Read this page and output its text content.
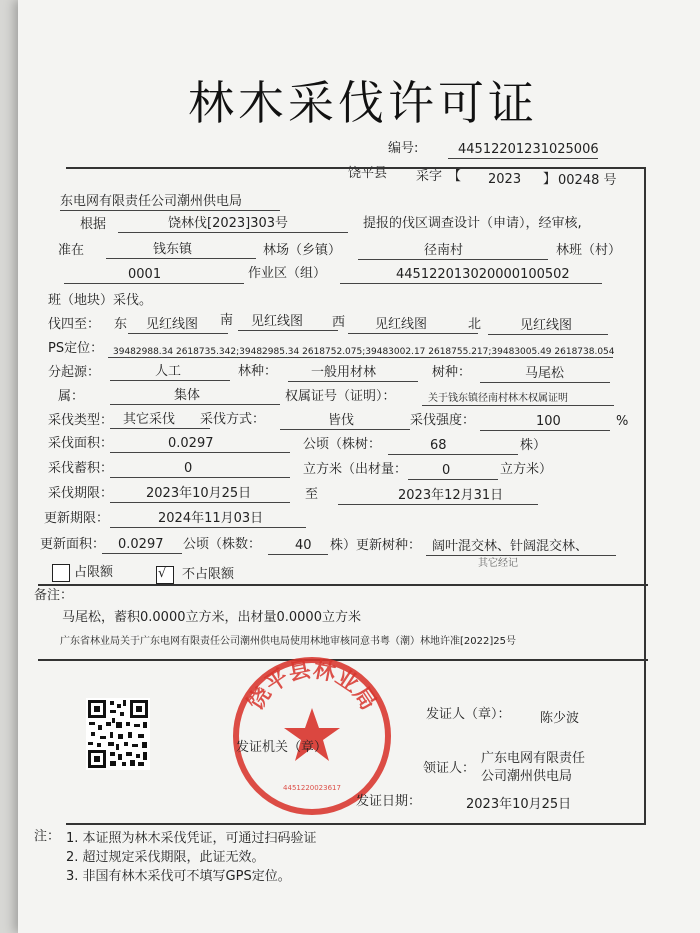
林木采伐许可证
编号:	44512201231025006
饶平县 采字 【 2023 】 00248 号
东电网有限责任公司潮州供电局
根据	饶林伐[2023]303号	提报的伐区调查设计（申请），经审核,
准在	钱东镇	林场（乡镇）	径南村	林班（村）
0001	作业区（组）	44512201302000010050​2
班（地块）采伐。
伐四至： 东 见红线图 南 见红线图 西 见红线图	北	见红线图
PS定位： 39482988.34 2618735.342;39482985.34 2618752.075;39483002.17 2618755.217;39483005.49 2618738.054
分起源：	人工	林种：	一般用材林	树种：	马尾松
属：	集体	权属证号（证明）：	关于钱东镇径南村林木权属证明
采伐类型： 其它采伐 采伐方式：	皆伐	采伐强度：	100	%
采伐面积：	0.0297	公顷（株树：	68	株）
采伐蓄积：	0	立方米（出材量：	0	立方米）
采伐期限：	2023年10月25日	至	2023年12月31日
更新期限：	2024年11月03日
更新面积： 0.0297 公顷（株数：	40 株）更新树种： 阔叶混交林、针阔混交林、
其它经记
占限额	√ 不占限额
备注：
马尾松，蓄积0.0000立方米，出材量0.0000立方米
广东省林业局关于广东电网有限责任公司潮州供电局使用林地审核同意书粤（潮）林地许准[2022]25号
饶平县林业局
4451220023617
发证人（章）： 陈少波
发证机关（章）
领证人：
广东电网有限责任
公司潮州供电局
发证日期：	2023年10月25日
注： 1. 本证照为林木采伐凭证，可通过扫码验证
2. 超过规定采伐期限，此证无效。
3. 非国有林木采伐可不填写GPS定位。
